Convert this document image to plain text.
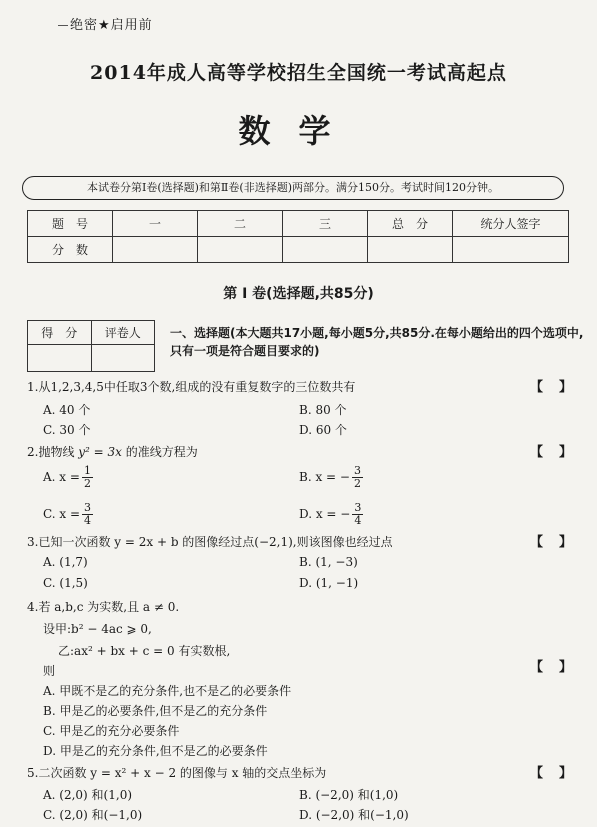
绝密★启用前
2014年成人高等学校招生全国统一考试高起点
数学
本试卷分第Ⅰ卷(选择题)和第Ⅱ卷(非选择题)两部分。满分150分。考试时间120分钟。
题　号	一	二	三	总　分	统分人签字
分　数					
第 Ⅰ 卷(选择题,共85分)
得　分	评卷人
	一、选择题(本大题共17小题,每小题5分,共85分.在每小题给出的四个选项中,只有一项是符合题目要求的)
1.从1,2,3,4,5中任取3个数,组成的没有重复数字的三位数共有	【】
A. 40 个	B. 80 个
C. 30 个	D. 60 个
2.抛物线 y² = 3x 的准线方程为	【】
A. $x = \frac{1}{2}$	B. x = − $\frac{3}{2}$
C. $x = \frac{3}{4}$	D. x = − $\frac{3}{4}$
3.已知一次函数 y = 2x + b 的图像经过点(−2,1),则该图像也经过点	【】
A. (1,7)	B. (1, −3)
C. (1,5)	D. (1, −1)
4.若 a,b,c 为实数,且 a ≠ 0.
设甲:b² − 4ac ⩾ 0,
乙:ax² + bx + c = 0 有实数根,
则	【】
A. 甲既不是乙的充分条件,也不是乙的必要条件
B. 甲是乙的必要条件,但不是乙的充分条件
C. 甲是乙的充分必要条件
D. 甲是乙的充分条件,但不是乙的必要条件
5.二次函数 y = x² + x − 2 的图像与 x 轴的交点坐标为	【】
A. (2,0) 和(1,0)	B. (−2,0) 和(1,0)
C. (2,0) 和(−1,0)	D. (−2,0) 和(−1,0)
